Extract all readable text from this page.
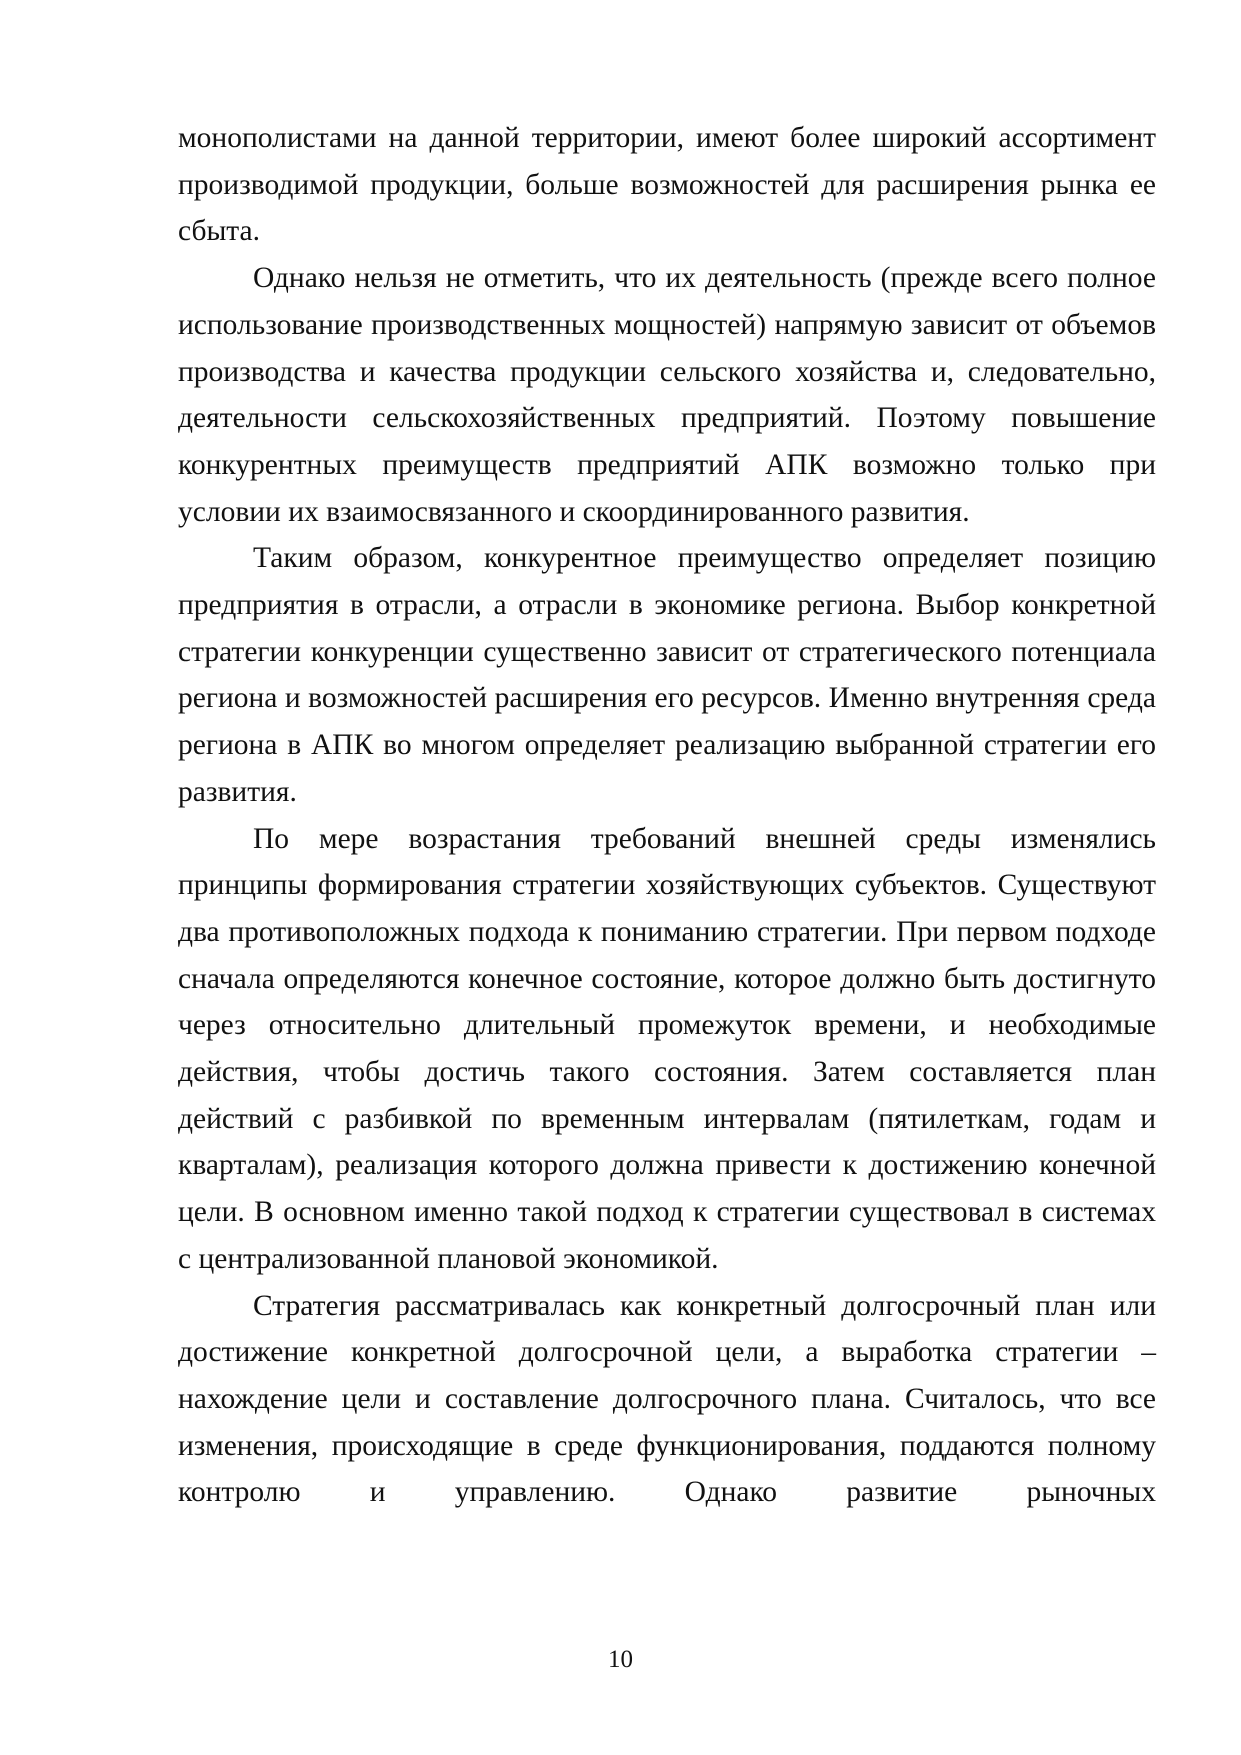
монополистами на данной территории, имеют более широкий ассортимент производимой продукции, больше возможностей для расширения рынка ее сбыта.

Однако нельзя не отметить, что их деятельность (прежде всего полное использование производственных мощностей) напрямую зависит от объемов производства и качества продукции сельского хозяйства и, следовательно, деятельности сельскохозяйственных предприятий. Поэтому повышение конкурентных преимуществ предприятий АПК возможно только при условии их взаимосвязанного и скоординированного развития.

Таким образом, конкурентное преимущество определяет позицию предприятия в отрасли, а отрасли в экономике региона. Выбор конкретной стратегии конкуренции существенно зависит от стратегического потенциала региона и возможностей расширения его ресурсов. Именно внутренняя среда региона в АПК во многом определяет реализацию выбранной стратегии его развития.

По мере возрастания требований внешней среды изменялись принципы формирования стратегии хозяйствующих субъектов. Существуют два противоположных подхода к пониманию стратегии. При первом подходе сначала определяются конечное состояние, которое должно быть достигнуто через относительно длительный промежуток времени, и необходимые действия, чтобы достичь такого состояния. Затем составляется план действий с разбивкой по временным интервалам (пятилеткам, годам и кварталам), реализация которого должна привести к достижению конечной цели. В основном именно такой подход к стратегии существовал в системах с централизованной плановой экономикой.

Стратегия рассматривалась как конкретный долгосрочный план или достижение конкретной долгосрочной цели, а выработка стратегии – нахождение цели и составление долгосрочного плана. Считалось, что все изменения, происходящие в среде функционирования, поддаются полному контролю и управлению. Однако развитие рыночных

10
